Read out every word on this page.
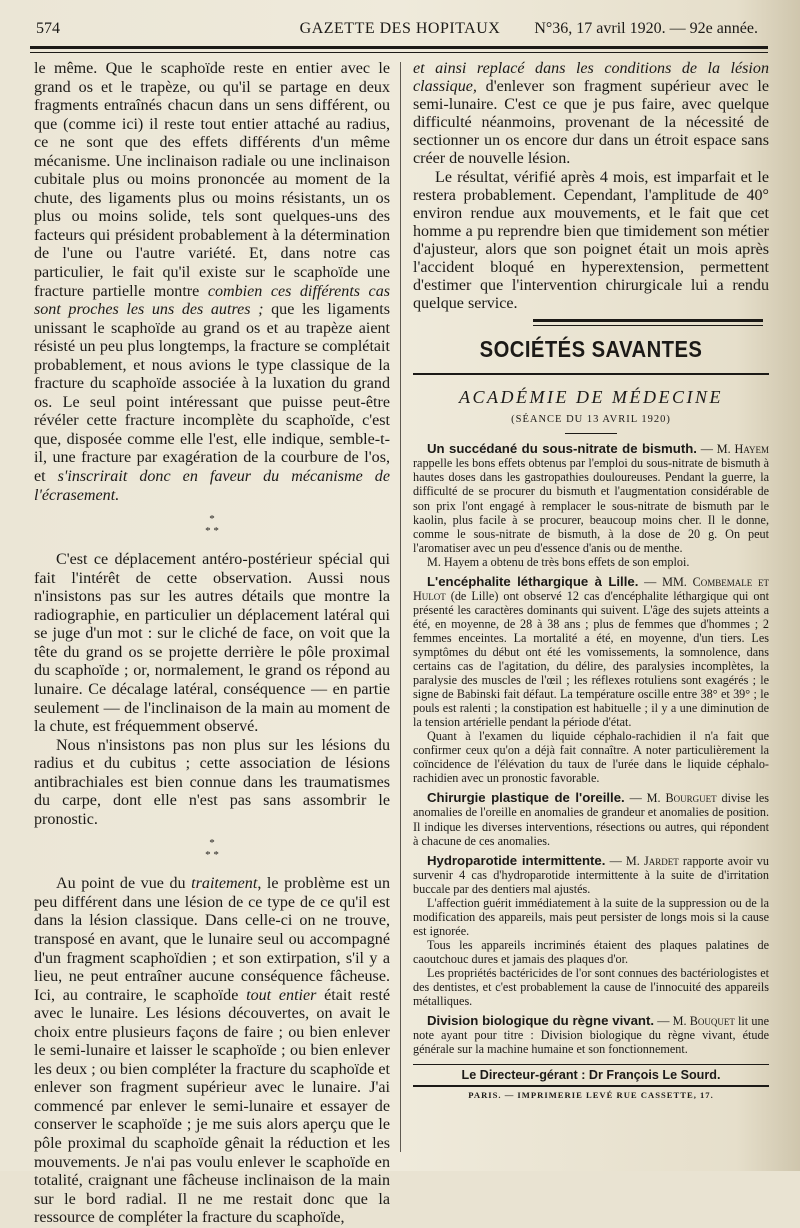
574	GAZETTE DES HOPITAUX	N°36, 17 avril 1920. — 92e année.

le même. Que le scaphoïde reste en entier avec le grand os et le trapèze, ou qu'il se partage en deux fragments entraînés chacun dans un sens différent, ou que (comme ici) il reste tout entier attaché au radius, ce ne sont que des effets différents d'un même mécanisme. Une inclinaison radiale ou une inclinaison cubitale plus ou moins prononcée au moment de la chute, des ligaments plus ou moins résistants, un os plus ou moins solide, tels sont quelques-uns des facteurs qui président probablement à la détermination de l'une ou l'autre variété. Et, dans notre cas particulier, le fait qu'il existe sur le scaphoïde une fracture partielle montre combien ces différents cas sont proches les uns des autres ; que les ligaments unissant le scaphoïde au grand os et au trapèze aient résisté un peu plus longtemps, la fracture se complétait probablement, et nous avions le type classique de la fracture du scaphoïde associée à la luxation du grand os. Le seul point intéressant que puisse peut-être révéler cette fracture incomplète du scaphoïde, c'est que, disposée comme elle l'est, elle indique, semble-t-il, une fracture par exagération de la courbure de l'os, et s'inscrirait donc en faveur du mécanisme de l'écrasement.

*
* *

C'est ce déplacement antéro-postérieur spécial qui fait l'intérêt de cette observation. Aussi nous n'insistons pas sur les autres détails que montre la radiographie, en particulier un déplacement latéral qui se juge d'un mot : sur le cliché de face, on voit que la tête du grand os se projette derrière le pôle proximal du scaphoïde ; or, normalement, le grand os répond au lunaire. Ce décalage latéral, conséquence — en partie seulement — de l'inclinaison de la main au moment de la chute, est fréquemment observé.

Nous n'insistons pas non plus sur les lésions du radius et du cubitus ; cette association de lésions antibrachiales est bien connue dans les traumatismes du carpe, dont elle n'est pas sans assombrir le pronostic.

*
* *

Au point de vue du traitement, le problème est un peu différent dans une lésion de ce type de ce qu'il est dans la lésion classique. Dans celle-ci on ne trouve, transposé en avant, que le lunaire seul ou accompagné d'un fragment scaphoïdien ; et son extirpation, s'il y a lieu, ne peut entraîner aucune conséquence fâcheuse. Ici, au contraire, le scaphoïde tout entier était resté avec le lunaire. Les lésions découvertes, on avait le choix entre plusieurs façons de faire ; ou bien enlever le semi-lunaire et laisser le scaphoïde ; ou bien enlever les deux ; ou bien compléter la fracture du scaphoïde et enlever son fragment supérieur avec le lunaire. J'ai commencé par enlever le semi-lunaire et essayer de conserver le scaphoïde ; je me suis alors aperçu que le pôle proximal du scaphoïde gênait la réduction et les mouvements. Je n'ai pas voulu enlever le scaphoïde en totalité, craignant une fâcheuse inclinaison de la main sur le bord radial. Il ne me restait donc que la ressource de compléter la fracture du scaphoïde,

et ainsi replacé dans les conditions de la lésion classique, d'enlever son fragment supérieur avec le semi-lunaire. C'est ce que je pus faire, avec quelque difficulté néanmoins, provenant de la nécessité de sectionner un os encore dur dans un étroit espace sans créer de nouvelle lésion.

Le résultat, vérifié après 4 mois, est imparfait et le restera probablement. Cependant, l'amplitude de 40° environ rendue aux mouvements, et le fait que cet homme a pu reprendre bien que timidement son métier d'ajusteur, alors que son poignet était un mois après l'accident bloqué en hyperextension, permettent d'estimer que l'intervention chirurgicale lui a rendu quelque service.

SOCIÉTÉS SAVANTES
ACADÉMIE DE MÉDECINE
(SÉANCE DU 13 AVRIL 1920)

Un succédané du sous-nitrate de bismuth. — M. Hayem rappelle les bons effets obtenus par l'emploi du sous-nitrate de bismuth à hautes doses dans les gastropathies douloureuses. Pendant la guerre, la difficulté de se procurer du bismuth et l'augmentation considérable de son prix l'ont engagé à remplacer le sous-nitrate de bismuth par le kaolin, plus facile à se procurer, beaucoup moins cher. Il le donne, comme le sous-nitrate de bismuth, à la dose de 20 g. On peut l'aromatiser avec un peu d'essence d'anis ou de menthe.

M. Hayem a obtenu de très bons effets de son emploi.

L'encéphalite léthargique à Lille. — MM. Combemale et Hulot (de Lille) ont observé 12 cas d'encéphalite léthargique qui ont présenté les caractères dominants qui suivent. L'âge des sujets atteints a été, en moyenne, de 28 à 38 ans ; plus de femmes que d'hommes ; 2 femmes enceintes. La mortalité a été, en moyenne, d'un tiers. Les symptômes du début ont été les vomissements, la somnolence, dans certains cas de l'agitation, du délire, des paralysies incomplètes, la paralysie des muscles de l'œil ; les réflexes rotuliens sont exagérés ; le signe de Babinski fait défaut. La température oscille entre 38° et 39° ; le pouls est ralenti ; la constipation est habituelle ; il y a une diminution de la tension artérielle pendant la période d'état.

Quant à l'examen du liquide céphalo-rachidien il n'a fait que confirmer ceux qu'on a déjà fait connaître. A noter particulièrement la coïncidence de l'élévation du taux de l'urée dans le liquide céphalo-rachidien avec un pronostic favorable.

Chirurgie plastique de l'oreille. — M. Bourguet divise les anomalies de l'oreille en anomalies de grandeur et anomalies de position. Il indique les diverses interventions, résections ou autres, qui répondent à chacune de ces anomalies.

Hydroparotide intermittente. — M. Jardet rapporte avoir vu survenir 4 cas d'hydroparotide intermittente à la suite de d'irritation buccale par des dentiers mal ajustés.

L'affection guérit immédiatement à la suite de la suppression ou de la modification des appareils, mais peut persister de longs mois si la cause est ignorée.

Tous les appareils incriminés étaient des plaques palatines de caoutchouc dures et jamais des plaques d'or.

Les propriétés bactéricides de l'or sont connues des bactériologistes et des dentistes, et c'est probablement la cause de l'innocuité des appareils métalliques.

Division biologique du règne vivant. — M. Bouquet lit une note ayant pour titre : Division biologique du règne vivant, étude générale sur la machine humaine et son fonctionnement.

Le Directeur-gérant : Dr François Le Sourd.
PARIS. — IMPRIMERIE LEVÉ RUE CASSETTE, 17.
